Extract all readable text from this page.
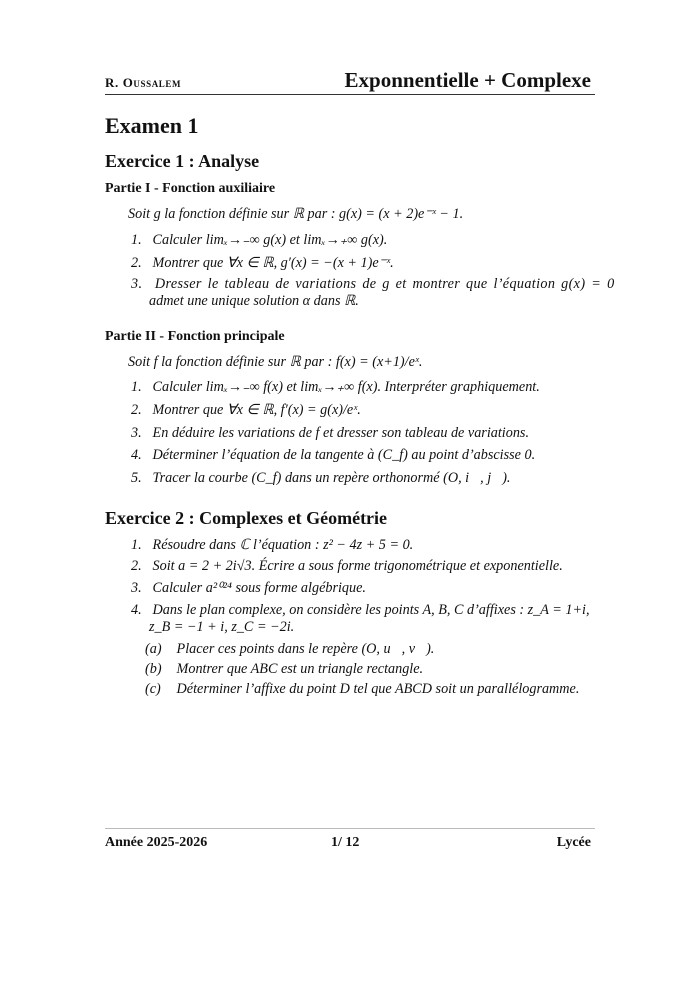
R. Oussalem	Exponnentielle + Complexe
Examen 1
Exercice 1 : Analyse
Partie I - Fonction auxiliaire
Soit g la fonction définie sur ℝ par : g(x) = (x + 2)e⁻ˣ − 1.
1. Calculer limₓ→₋∞ g(x) et limₓ→₊∞ g(x).
2. Montrer que ∀x ∈ ℝ, g′(x) = −(x + 1)e⁻ˣ.
3. Dresser le tableau de variations de g et montrer que l’équation g(x) = 0
admet une unique solution α dans ℝ.
Partie II - Fonction principale
Soit f la fonction définie sur ℝ par : f(x) = (x+1)/eˣ.
1. Calculer limₓ→₋∞ f(x) et limₓ→₊∞ f(x). Interpréter graphiquement.
2. Montrer que ∀x ∈ ℝ, f′(x) = g(x)/eˣ.
3. En déduire les variations de f et dresser son tableau de variations.
4. Déterminer l’équation de la tangente à (C_f) au point d’abscisse 0.
5. Tracer la courbe (C_f) dans un repère orthonormé (O, i⃗, j⃗).
Exercice 2 : Complexes et Géométrie
1. Résoudre dans ℂ l’équation : z² − 4z + 5 = 0.
2. Soit a = 2 + 2i√3. Écrire a sous forme trigonométrique et exponentielle.
3. Calculer a²⁰²⁴ sous forme algébrique.
4. Dans le plan complexe, on considère les points A, B, C d’affixes : z_A = 1+i,
z_B = −1 + i, z_C = −2i.
(a) Placer ces points dans le repère (O, u⃗, v⃗).
(b) Montrer que ABC est un triangle rectangle.
(c) Déterminer l’affixe du point D tel que ABCD soit un parallélogramme.
Année 2025-2026	1/ 12	Lycée
